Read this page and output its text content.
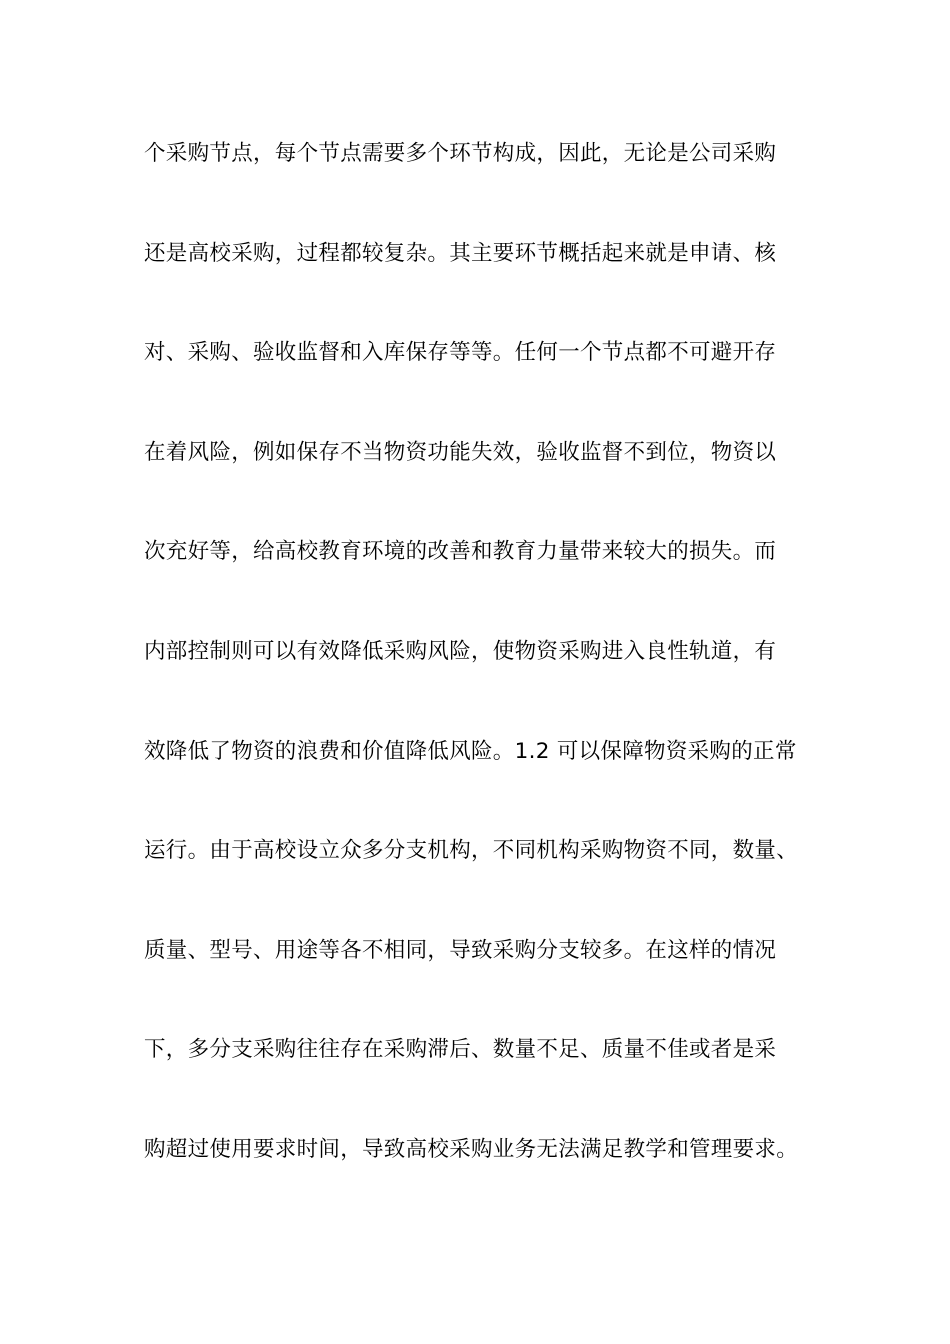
个采购节点，每个节点需要多个环节构成，因此，无论是公司采购
还是高校采购，过程都较复杂。其主要环节概括起来就是申请、核
对、采购、验收监督和入库保存等等。任何一个节点都不可避开存
在着风险，例如保存不当物资功能失效，验收监督不到位，物资以
次充好等，给高校教育环境的改善和教育力量带来较大的损失。而
内部控制则可以有效降低采购风险，使物资采购进入良性轨道，有
效降低了物资的浪费和价值降低风险。1.2 可以保障物资采购的正常
运行。由于高校设立众多分支机构，不同机构采购物资不同，数量、
质量、型号、用途等各不相同，导致采购分支较多。在这样的情况
下，多分支采购往往存在采购滞后、数量不足、质量不佳或者是采
购超过使用要求时间，导致高校采购业务无法满足教学和管理要求。
